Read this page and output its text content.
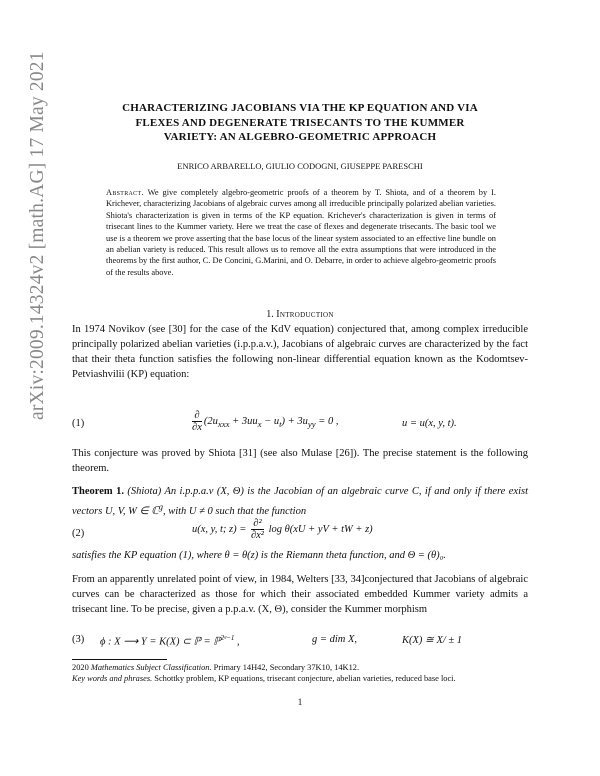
arXiv:2009.14324v2 [math.AG] 17 May 2021	CHARACTERIZING JACOBIANS VIA THE KP EQUATION AND VIA
FLEXES AND DEGENERATE TRISECANTS TO THE KUMMER
VARIETY: AN ALGEBRO-GEOMETRIC APPROACH
ENRICO ARBARELLO, GIULIO CODOGNI, GIUSEPPE PARESCHI
Abstract. We give completely algebro-geometric proofs of a theorem by T. Shiota, and of a theorem by I. Krichever, characterizing Jacobians of algebraic curves among all irreducible principally polarized abelian varieties. Shiota's characterization is given in terms of the KP equation. Krichever's characterization is given in terms of trisecant lines to the Kummer variety. Here we treat the case of flexes and degenerate trisecants. The basic tool we use is a theorem we prove asserting that the base locus of the linear system associated to an effective line bundle on an abelian variety is reduced. This result allows us to remove all the extra assumptions that were introduced in the theorems by the first author, C. De Concini, G.Marini, and O. Debarre, in order to achieve algebro-geometric proofs of the results above.
1. Introduction
In 1974 Novikov (see [30] for the case of the KdV equation) conjectured that, among complex irreducible principally polarized abelian varieties (i.p.p.a.v.), Jacobians of algebraic curves are characterized by the fact that their theta function satisfies the following non-linear differential equation known as the Kodomtsev-Petviashvilii (KP) equation:
(1)	$\frac{\partial}{\partial x} (2u_{xxx} + 3uu_x - u_t) + 3u_{yy} = 0$ ,	u = u(x, y, t).
This conjecture was proved by Shiota [31] (see also Mulase [26]). The precise statement is the following theorem.
Theorem 1. (Shiota) An i.p.p.a.v (X, Θ) is the Jacobian of an algebraic curve C, if and only if there exist vectors U, V, W ∈ ℂ$^g$, with U ≠ 0 such that the function
(2)	u(x, y, t; $z) = \frac{\text{∂²}}{\text{∂x²}}$ log θ(xU + yV + tW + z)
satisfies the KP equation (1), where θ = θ(z) is the Riemann theta function, and Θ = (θ)₀.
From an apparently unrelated point of view, in 1984, Welters [33, 34]conjectured that Jacobians of algebraic curves can be characterized as those for which their associated embedded Kummer variety admits a trisecant line. To be precise, given a p.p.a.v. (X, Θ), consider the Kummer morphism
(3) ϕ : X ⟶ Y = K(X) ⊂ ℙ = ℙ$^{2ᵍ-1}$ ,	g = dim X,	K(X) ≅ X/ ± 1
2020 Mathematics Subject Classification. Primary 14H42, Secondary 37K10, 14K12.
Key words and phrases. Schottky problem, KP equations, trisecant conjecture, abelian varieties, reduced base loci.
1
